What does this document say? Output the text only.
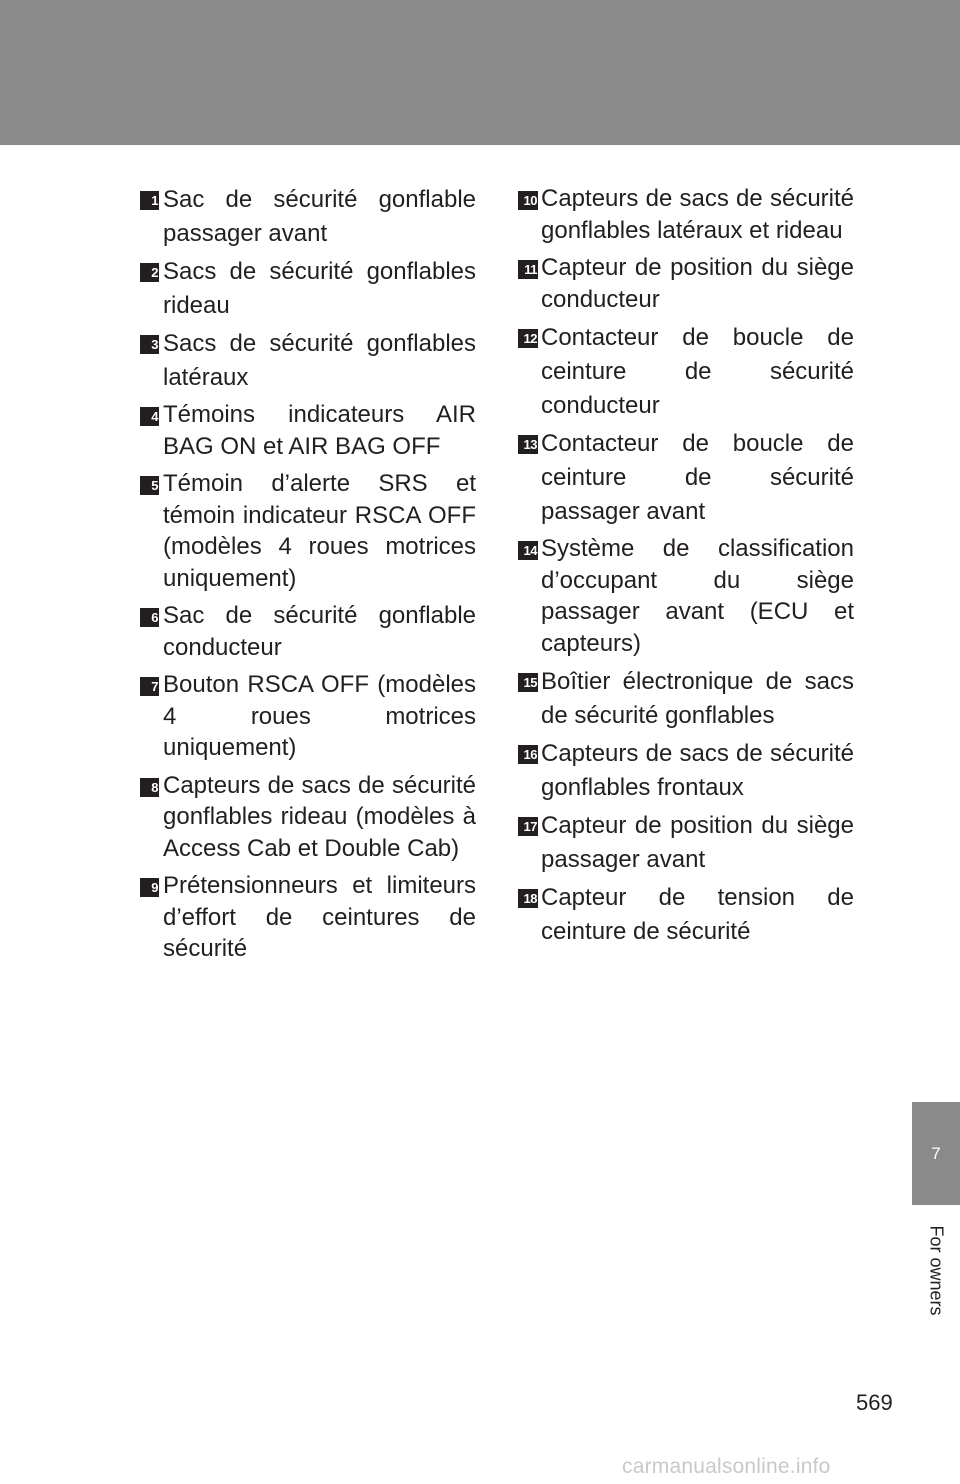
1 Sac de sécurité gonflable passager avant
2 Sacs de sécurité gonflables rideau
3 Sacs de sécurité gonflables latéraux
4 Témoins indicateurs AIR BAG ON et AIR BAG OFF
5 Témoin d’alerte SRS et témoin indicateur RSCA OFF (modèles 4 roues motrices uniquement)
6 Sac de sécurité gonflable conducteur
7 Bouton RSCA OFF (modèles 4 roues motrices uniquement)
8 Capteurs de sacs de sécurité gonflables rideau (modèles à Access Cab et Double Cab)
9 Prétensionneurs et limiteurs d’effort de ceintures de sécurité
10 Capteurs de sacs de sécurité gonflables latéraux et rideau
11 Capteur de position du siège conducteur
12 Contacteur de boucle de ceinture de sécurité conducteur
13 Contacteur de boucle de ceinture de sécurité passager avant
14 Système de classification d’occupant du siège passager avant (ECU et capteurs)
15 Boîtier électronique de sacs de sécurité gonflables
16 Capteurs de sacs de sécurité gonflables frontaux
17 Capteur de position du siège passager avant
18 Capteur de tension de ceinture de sécurité
7
For owners
569
carmanualsonline.info
